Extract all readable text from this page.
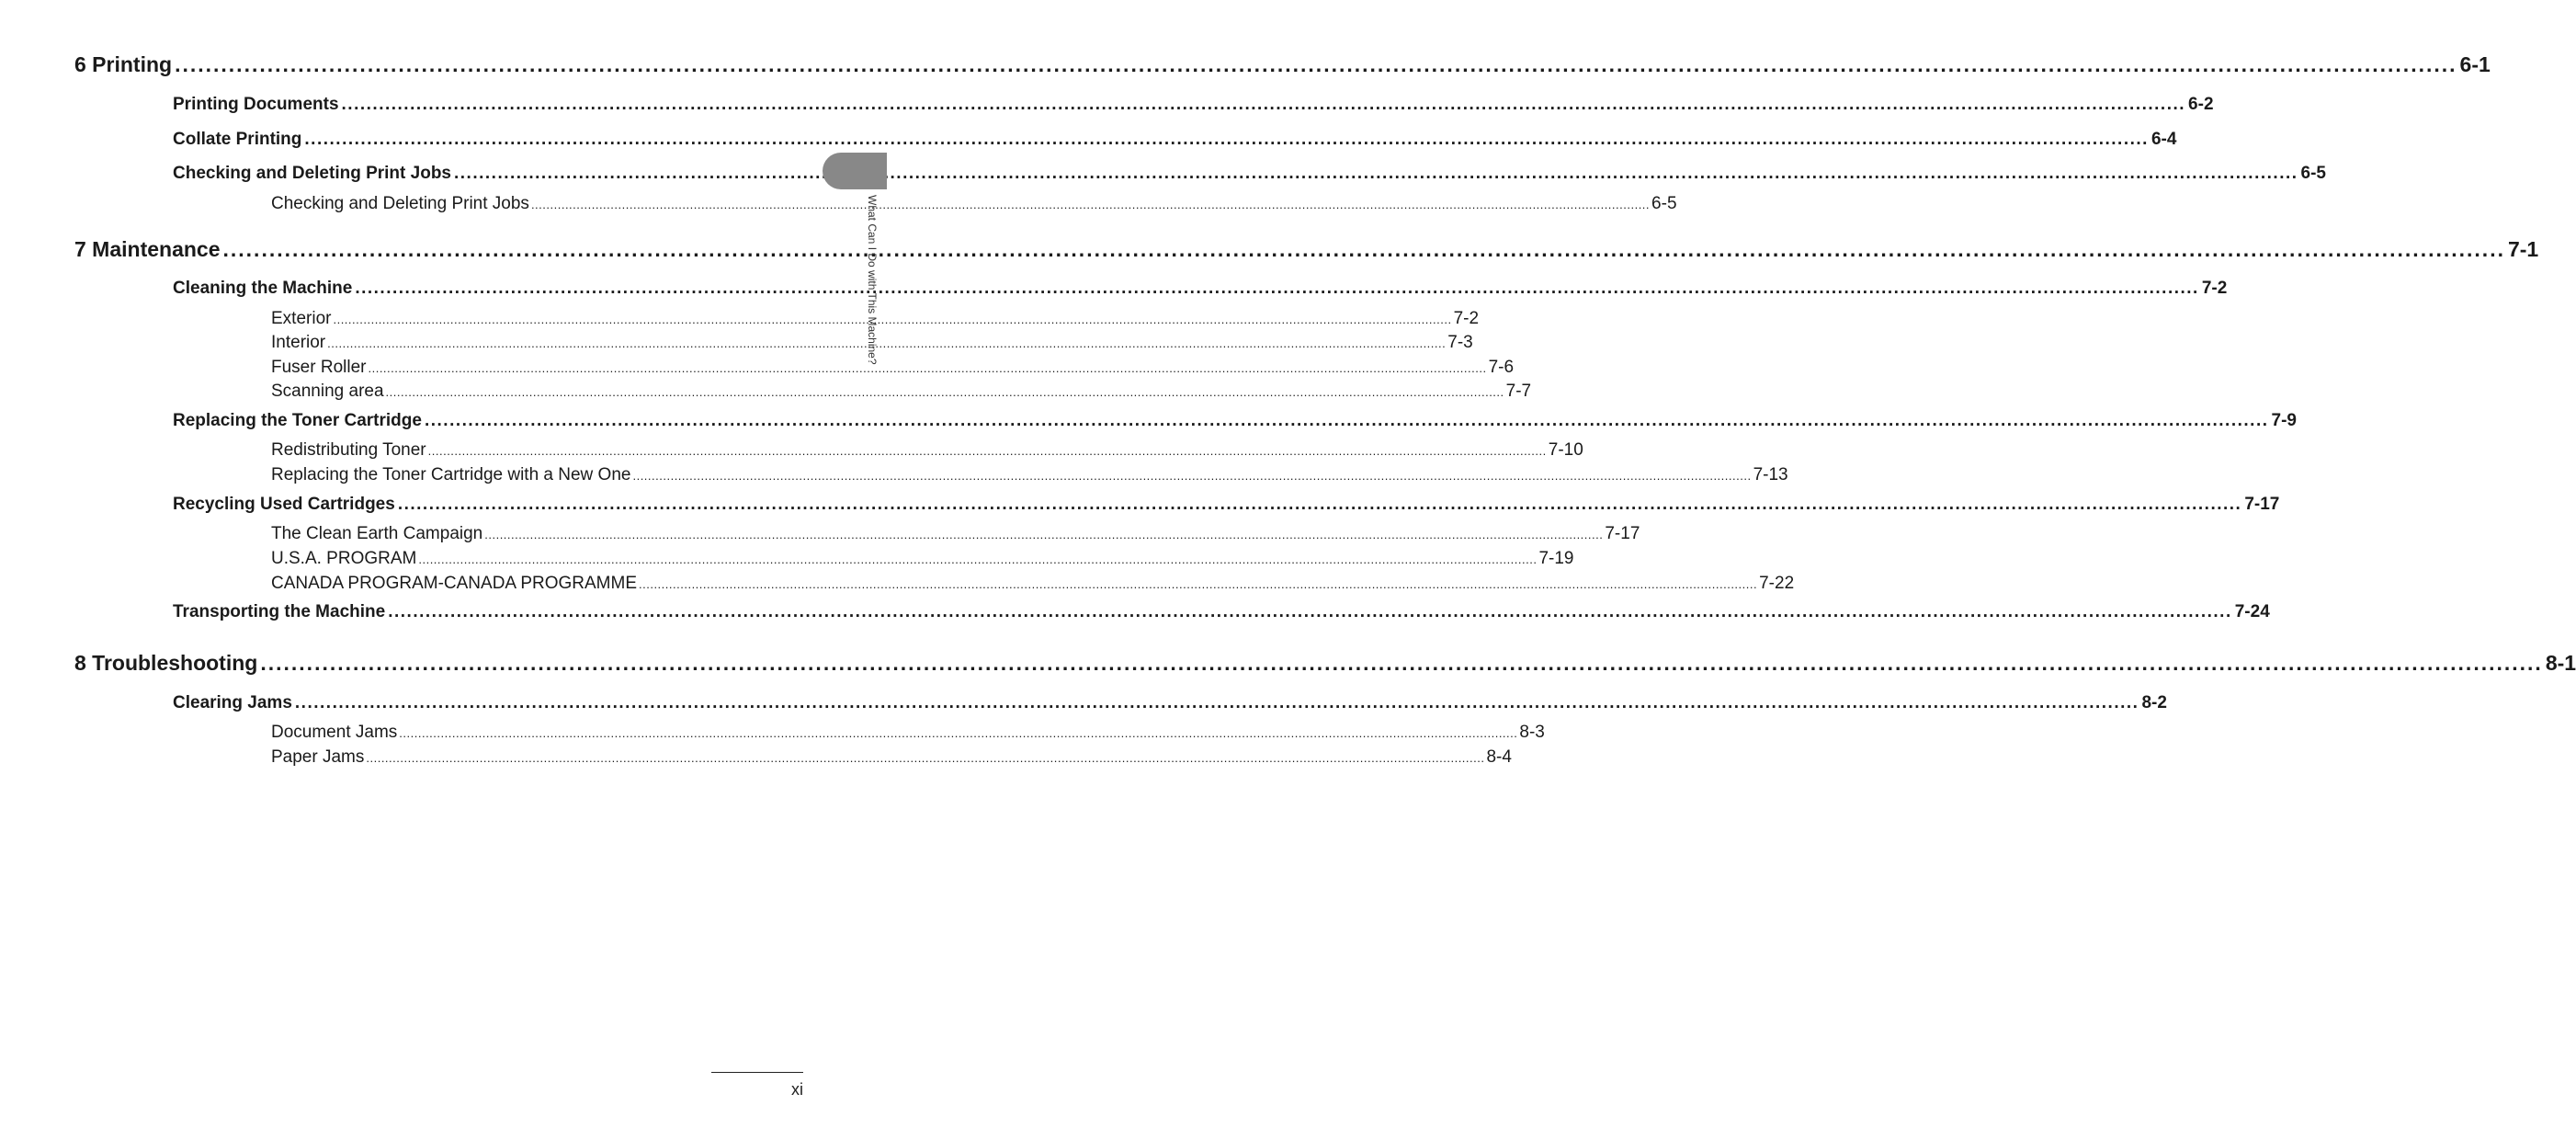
6 Printing .....	6-1
Printing Documents .....	6-2
Collate Printing .....	6-4
Checking and Deleting Print Jobs .....	6-5
Checking and Deleting Print Jobs .....	6-5
7 Maintenance .....	7-1
Cleaning the Machine .....	7-2
Exterior .....	7-2
Interior .....	7-3
Fuser Roller .....	7-6
Scanning area .....	7-7
Replacing the Toner Cartridge .....	7-9
Redistributing Toner .....	7-10
Replacing the Toner Cartridge with a New One .....	7-13
Recycling Used Cartridges .....	7-17
The Clean Earth Campaign .....	7-17
U.S.A. PROGRAM .....	7-19
CANADA PROGRAM-CANADA PROGRAMME .....	7-22
Transporting the Machine .....	7-24
8 Troubleshooting .....	8-1
Clearing Jams .....	8-2
Document Jams .....	8-3
Paper Jams .....	8-4
What Can I Do with This Machine?
xi
